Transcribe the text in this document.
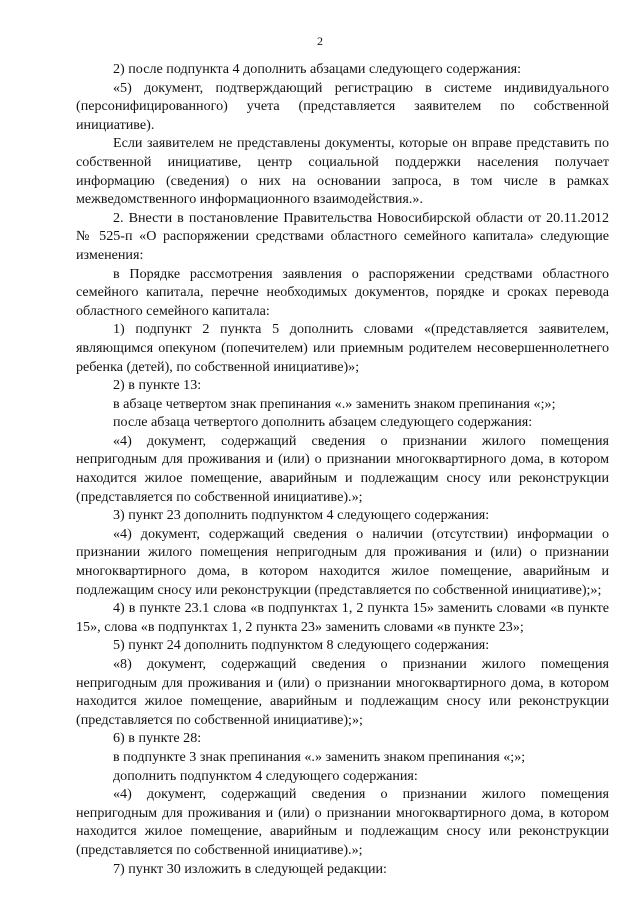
2

2) после подпункта 4 дополнить абзацами следующего содержания:

«5) документ, подтверждающий регистрацию в системе индивидуального (персонифицированного) учета (представляется заявителем по собственной инициативе).

Если заявителем не представлены документы, которые он вправе представить по собственной инициативе, центр социальной поддержки населения получает информацию (сведения) о них на основании запроса, в том числе в рамках межведомственного информационного взаимодействия.».

2. Внести в постановление Правительства Новосибирской области от 20.11.2012 № 525-п «О распоряжении средствами областного семейного капитала» следующие изменения:

в Порядке рассмотрения заявления о распоряжении средствами областного семейного капитала, перечне необходимых документов, порядке и сроках перевода областного семейного капитала:

1) подпункт 2 пункта 5 дополнить словами «(представляется заявителем, являющимся опекуном (попечителем) или приемным родителем несовершеннолетнего ребенка (детей), по собственной инициативе)»;

2) в пункте 13:

в абзаце четвертом знак препинания «.» заменить знаком препинания «;»;

после абзаца четвертого дополнить абзацем следующего содержания:

«4) документ, содержащий сведения о признании жилого помещения непригодным для проживания и (или) о признании многоквартирного дома, в котором находится жилое помещение, аварийным и подлежащим сносу или реконструкции (представляется по собственной инициативе).»;

3) пункт 23 дополнить подпунктом 4 следующего содержания:

«4) документ, содержащий сведения о наличии (отсутствии) информации о признании жилого помещения непригодным для проживания и (или) о признании многоквартирного дома, в котором находится жилое помещение, аварийным и подлежащим сносу или реконструкции (представляется по собственной инициативе);»;

4) в пункте 23.1 слова «в подпунктах 1, 2 пункта 15» заменить словами «в пункте 15», слова «в подпунктах 1, 2 пункта 23» заменить словами «в пункте 23»;

5) пункт 24 дополнить подпунктом 8 следующего содержания:

«8) документ, содержащий сведения о признании жилого помещения непригодным для проживания и (или) о признании многоквартирного дома, в котором находится жилое помещение, аварийным и подлежащим сносу или реконструкции (представляется по собственной инициативе);»;

6) в пункте 28:

в подпункте 3 знак препинания «.» заменить знаком препинания «;»;

дополнить подпунктом 4 следующего содержания:

«4) документ, содержащий сведения о признании жилого помещения непригодным для проживания и (или) о признании многоквартирного дома, в котором находится жилое помещение, аварийным и подлежащим сносу или реконструкции (представляется по собственной инициативе).»;

7) пункт 30 изложить в следующей редакции:
